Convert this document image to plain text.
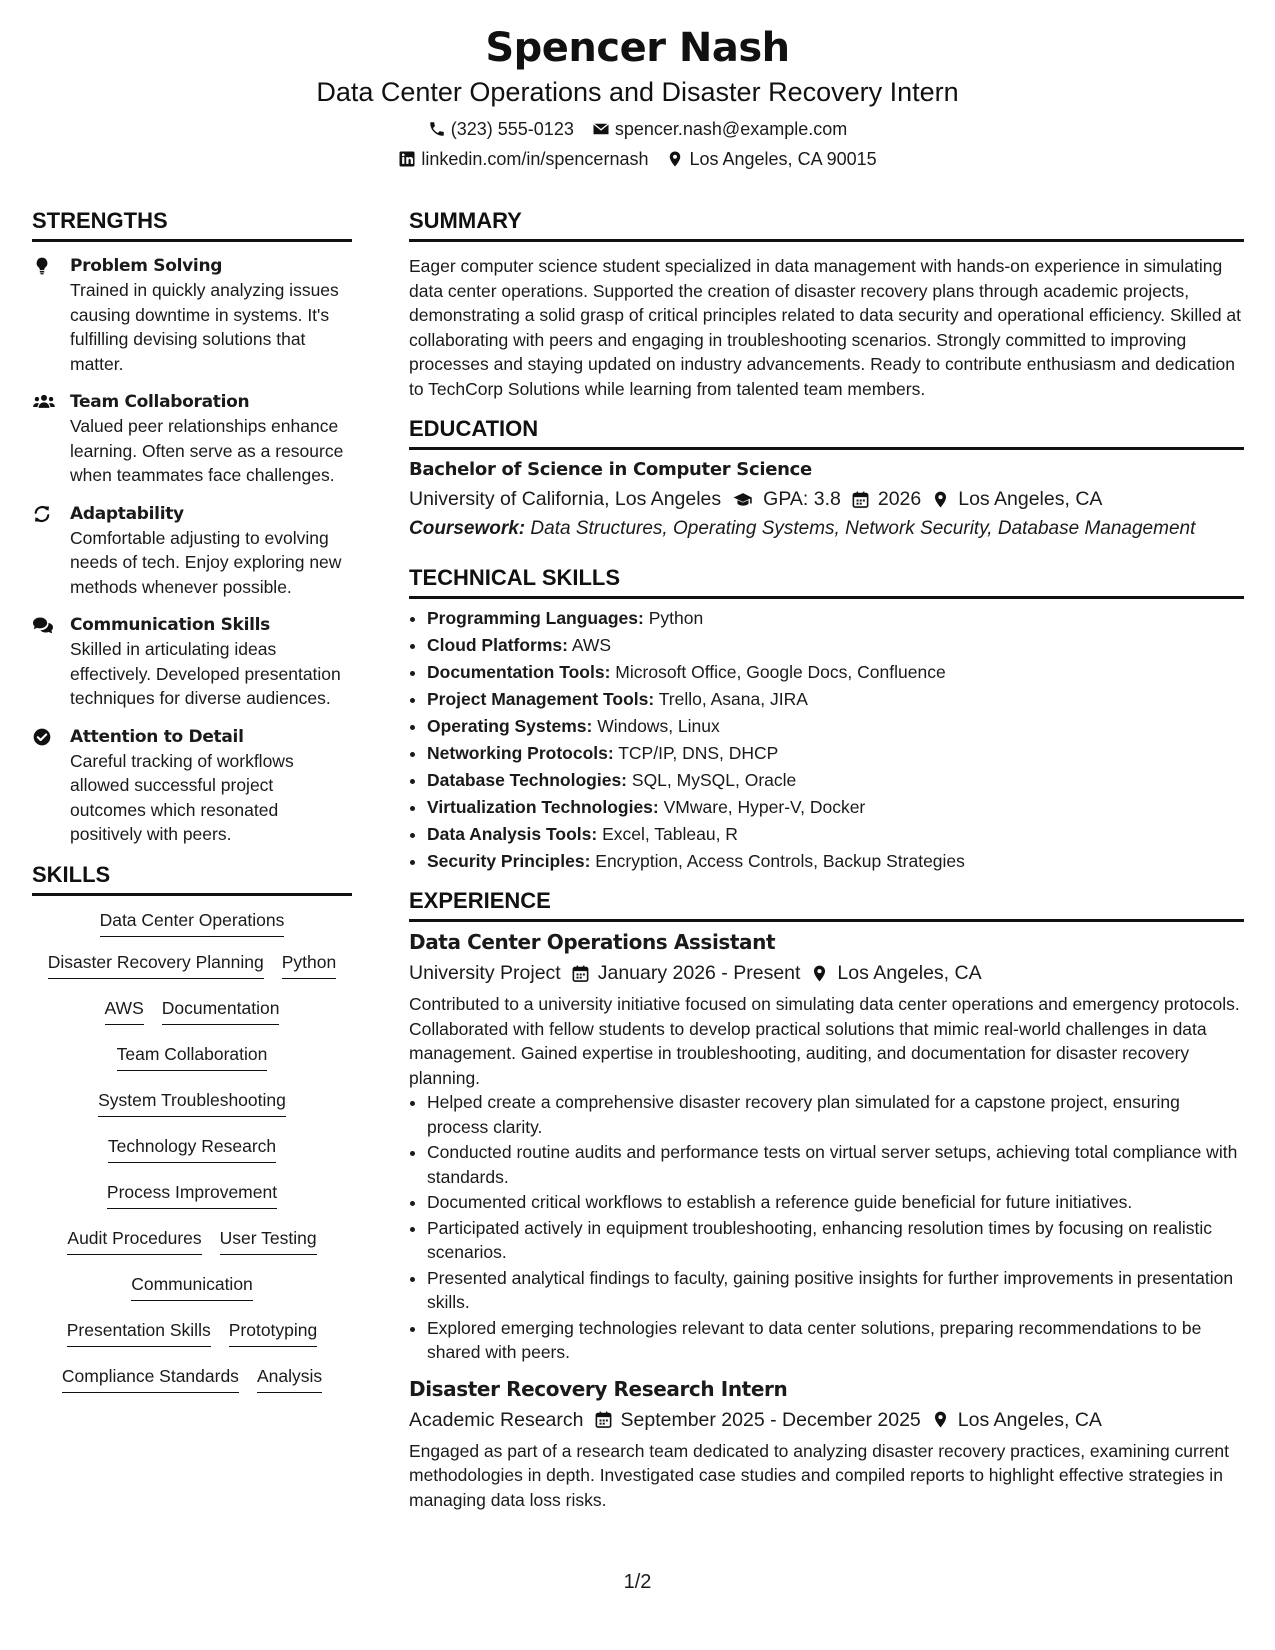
Spencer Nash
Data Center Operations and Disaster Recovery Intern
(323) 555-0123 spencer.nash@example.com
linkedin.com/in/spencernash Los Angeles, CA 90015
STRENGTHS
Problem Solving
Trained in quickly analyzing issues causing downtime in systems. It's fulfilling devising solutions that matter.
Team Collaboration
Valued peer relationships enhance learning. Often serve as a resource when teammates face challenges.
Adaptability
Comfortable adjusting to evolving needs of tech. Enjoy exploring new methods whenever possible.
Communication Skills
Skilled in articulating ideas effectively. Developed presentation techniques for diverse audiences.
Attention to Detail
Careful tracking of workflows allowed successful project outcomes which resonated positively with peers.
SKILLS
Data Center Operations
Disaster Recovery Planning Python
AWS Documentation
Team Collaboration
System Troubleshooting
Technology Research
Process Improvement
Audit Procedures User Testing
Communication
Presentation Skills Prototyping
Compliance Standards Analysis
SUMMARY

Eager computer science student specialized in data management with hands-on experience in simulating data center operations. Supported the creation of disaster recovery plans through academic projects, demonstrating a solid grasp of critical principles related to data security and operational efficiency. Skilled at collaborating with peers and engaging in troubleshooting scenarios. Strongly committed to improving processes and staying updated on industry advancements. Ready to contribute enthusiasm and dedication to TechCorp Solutions while learning from talented team members.

EDUCATION
Bachelor of Science in Computer Science
University of California, Los Angeles GPA: 3.8 2026 Los Angeles, CA
Coursework: Data Structures, Operating Systems, Network Security, Database Management
TECHNICAL SKILLS
• Programming Languages: Python
• Cloud Platforms: AWS
• Documentation Tools: Microsoft Office, Google Docs, Confluence
• Project Management Tools: Trello, Asana, JIRA
• Operating Systems: Windows, Linux
• Networking Protocols: TCP/IP, DNS, DHCP
• Database Technologies: SQL, MySQL, Oracle
• Virtualization Technologies: VMware, Hyper-V, Docker
• Data Analysis Tools: Excel, Tableau, R
• Security Principles: Encryption, Access Controls, Backup Strategies
EXPERIENCE
Data Center Operations Assistant
University Project January 2026 - Present Los Angeles, CA

Contributed to a university initiative focused on simulating data center operations and emergency protocols. Collaborated with fellow students to develop practical solutions that mimic real-world challenges in data management. Gained expertise in troubleshooting, auditing, and documentation for disaster recovery planning.

• Helped create a comprehensive disaster recovery plan simulated for a capstone project, ensuring process clarity.
• Conducted routine audits and performance tests on virtual server setups, achieving total compliance with standards.
• Documented critical workflows to establish a reference guide beneficial for future initiatives.
• Participated actively in equipment troubleshooting, enhancing resolution times by focusing on realistic scenarios.
• Presented analytical findings to faculty, gaining positive insights for further improvements in presentation skills.
• Explored emerging technologies relevant to data center solutions, preparing recommendations to be shared with peers.
Disaster Recovery Research Intern
Academic Research September 2025 - December 2025 Los Angeles, CA

Engaged as part of a research team dedicated to analyzing disaster recovery practices, examining current methodologies in depth. Investigated case studies and compiled reports to highlight effective strategies in managing data loss risks.

1/2
